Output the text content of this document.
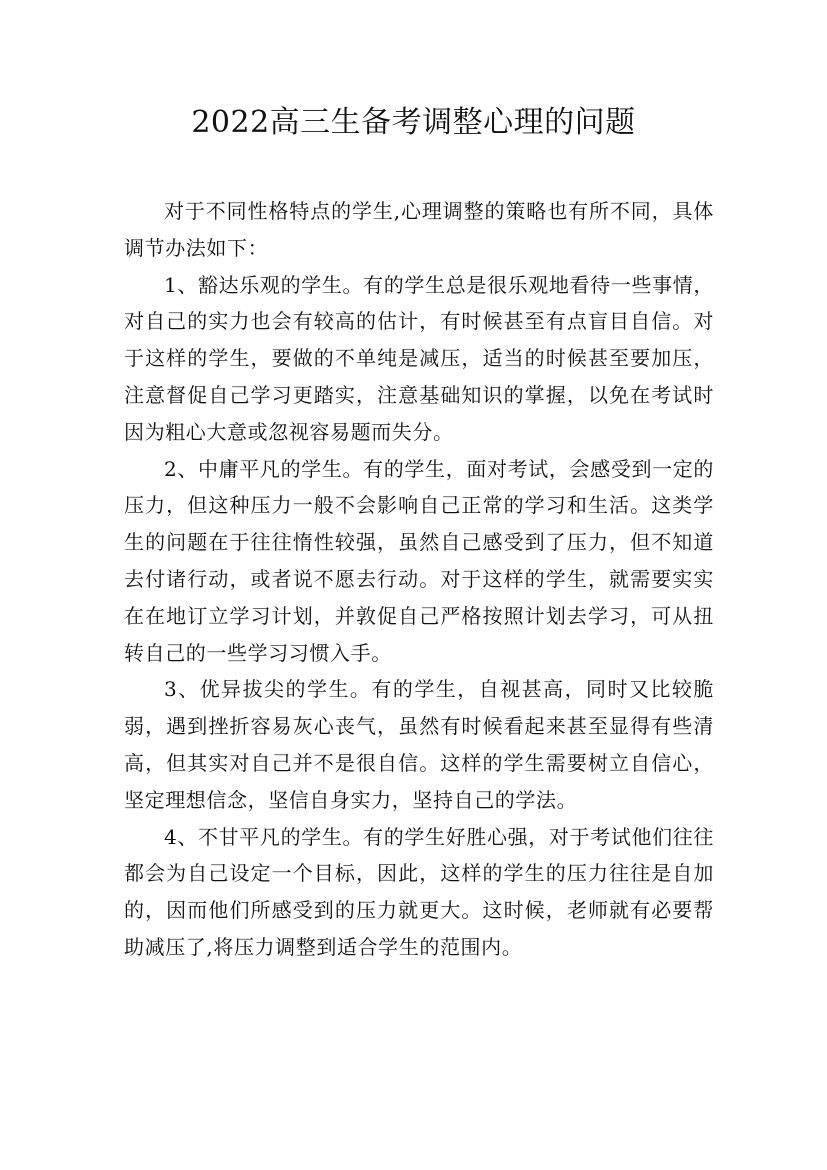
2022高三生备考调整心理的问题

对于不同性格特点的学生,心理调整的策略也有所不同，具体调节办法如下：

1、豁达乐观的学生。有的学生总是很乐观地看待一些事情，对自己的实力也会有较高的估计，有时候甚至有点盲目自信。对于这样的学生，要做的不单纯是减压，适当的时候甚至要加压，注意督促自己学习更踏实，注意基础知识的掌握，以免在考试时因为粗心大意或忽视容易题而失分。

2、中庸平凡的学生。有的学生，面对考试，会感受到一定的压力，但这种压力一般不会影响自己正常的学习和生活。这类学生的问题在于往往惰性较强，虽然自己感受到了压力，但不知道去付诸行动，或者说不愿去行动。对于这样的学生，就需要实实在在地订立学习计划，并敦促自己严格按照计划去学习，可从扭转自己的一些学习习惯入手。

3、优异拔尖的学生。有的学生，自视甚高，同时又比较脆弱，遇到挫折容易灰心丧气，虽然有时候看起来甚至显得有些清高，但其实对自己并不是很自信。这样的学生需要树立自信心，坚定理想信念，坚信自身实力，坚持自己的学法。

4、不甘平凡的学生。有的学生好胜心强，对于考试他们往往都会为自己设定一个目标，因此，这样的学生的压力往往是自加的，因而他们所感受到的压力就更大。这时候，老师就有必要帮助减压了,将压力调整到适合学生的范围内。
